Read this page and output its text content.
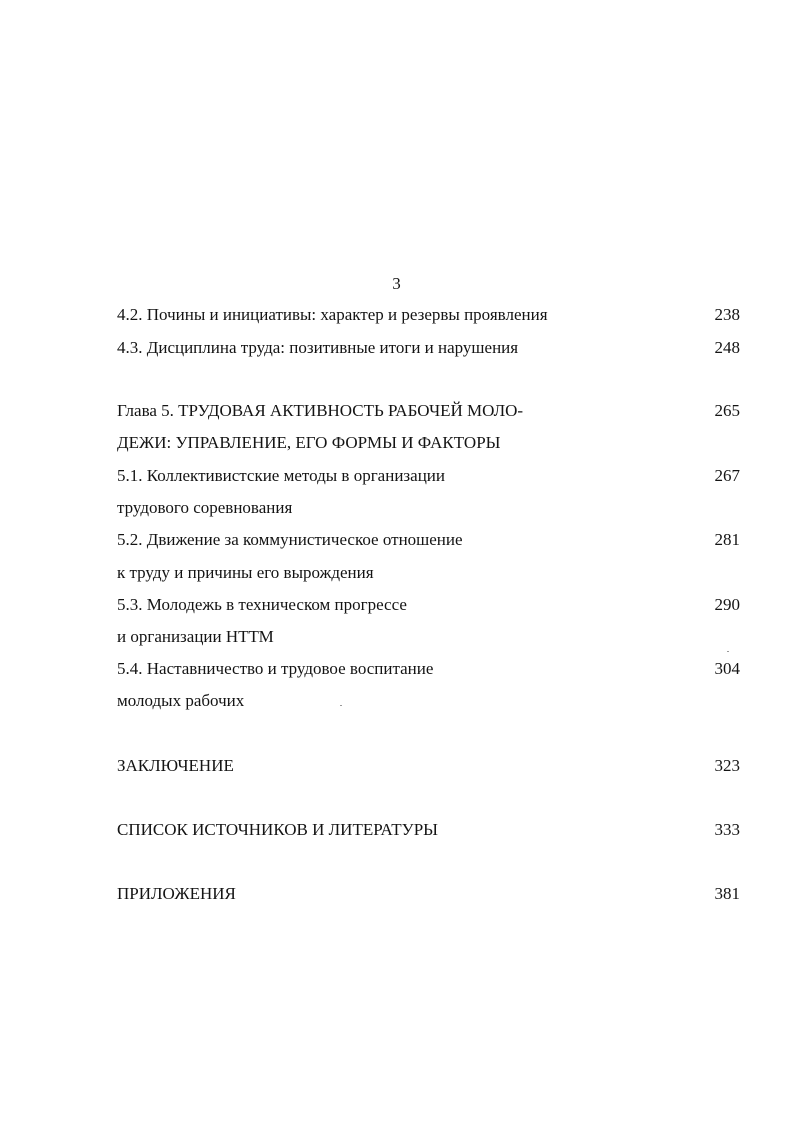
3
4.2. Почины и инициативы: характер и резервы проявления	238
4.3. Дисциплина труда: позитивные итоги и нарушения	248
Глава 5. ТРУДОВАЯ АКТИВНОСТЬ РАБОЧЕЙ МОЛО-	265
ДЕЖИ: УПРАВЛЕНИЕ, ЕГО ФОРМЫ И ФАКТОРЫ
5.1. Коллективистские методы в организации	267
трудового соревнования
5.2. Движение за коммунистическое отношение	281
к труду и причины его вырождения
5.3. Молодежь в техническом прогрессе	290
и организации НТТМ
5.4. Наставничество и трудовое воспитание	304
молодых рабочих
ЗАКЛЮЧЕНИЕ	323
СПИСОК ИСТОЧНИКОВ И ЛИТЕРАТУРЫ	333
ПРИЛОЖЕНИЯ	381
